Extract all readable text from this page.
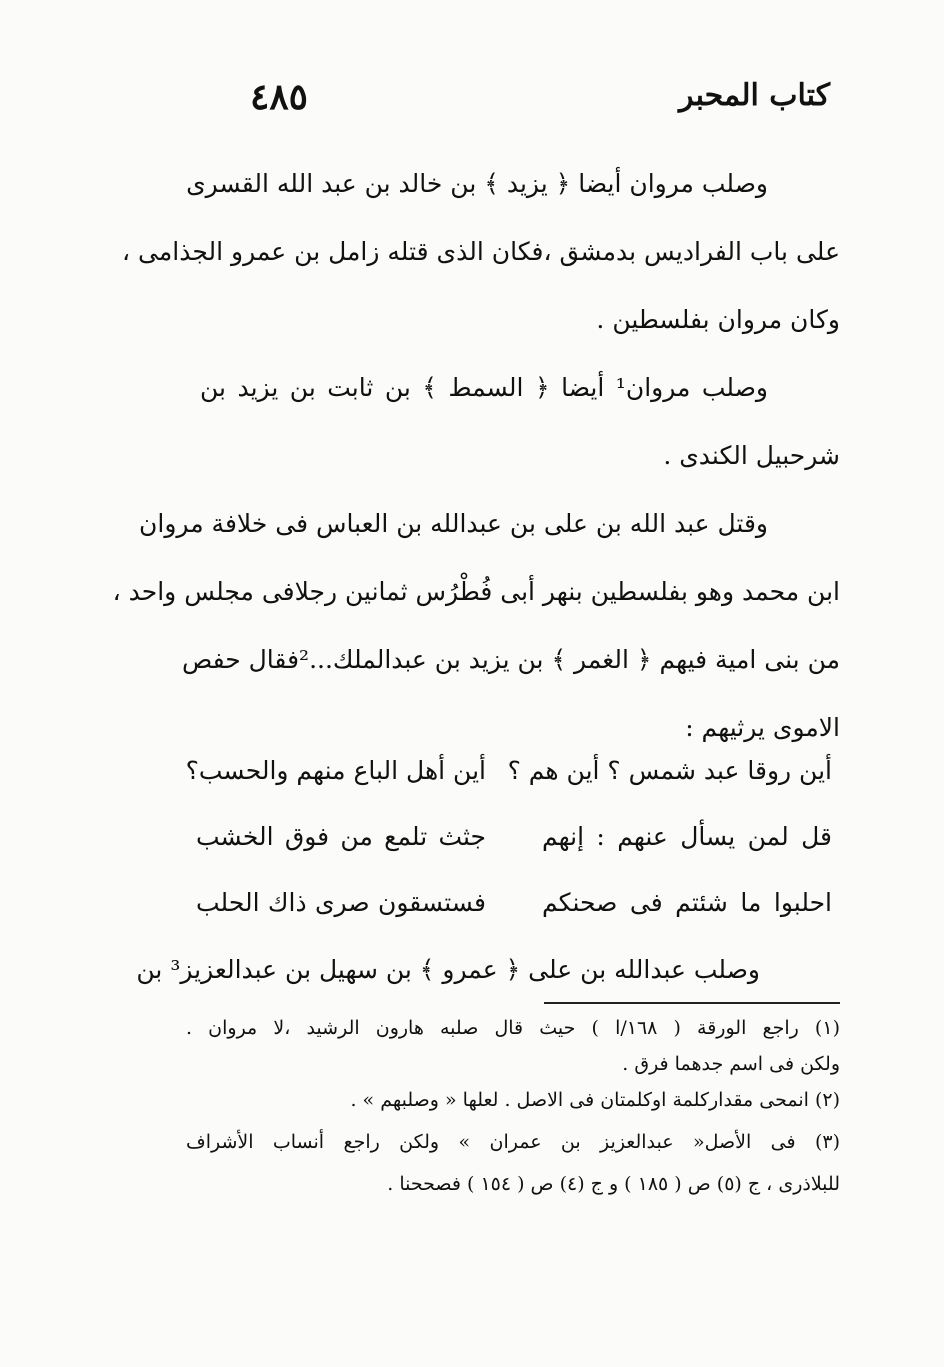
٤٨٥	كتاب المحبر
وصلب مروان أيضا ﴿ يزيد ﴾ بن خالد بن عبد الله القسرى
على باب الفراديس بدمشق ،فكان الذى قتله زامل بن عمرو الجذامى ،
وكان مروان بفلسطين .
وصلب مروان¹ أيضا ﴿ السمط ﴾ بن ثابت بن يزيد بن
شرحبيل الكندى .
وقتل عبد الله بن على بن عبدالله بن العباس فى خلافة مروان
ابن محمد وهو بفلسطين بنهر أبى فُطْرُس ثمانين رجلافى مجلس واحد ،
من بنى امية فيهم ﴿ الغمر ﴾ بن يزيد بن عبدالملك...²فقال حفص
الاموى يرثيهم :
أين روقا عبد شمس ؟ أين هم ؟
أين أهل الباع منهم والحسب؟
قل لمن يسأل عنهم : إنهم
جثث تلمع من فوق الخشب
احلبوا ما شئتم فى صحنكم
فستسقون صرى ذاك الحلب
وصلب عبدالله بن على ﴿ عمرو ﴾ بن سهيل بن عبدالعزيز³ بن
(١) راجع الورقة ( ١٦٨/ا ) حيث قال صلبه هارون الرشيد ،لا مروان .
ولكن فى اسم جدهما فرق .
(٢) انمحى مقداركلمة اوكلمتان فى الاصل . لعلها « وصلبهم » .
(٣) فى الأصل« عبدالعزيز بن عمران » ولكن راجع أنساب الأشراف
للبلاذرى ، ج (٥) ص ( ١٨٥ ) و ج (٤) ص ( ١٥٤ ) فصححنا .
